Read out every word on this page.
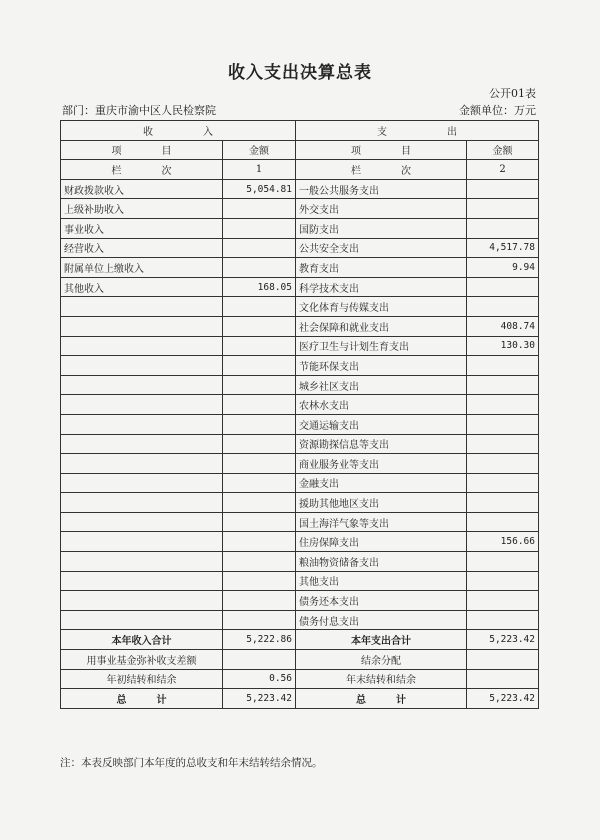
收入支出决算总表
公开01表
部门：重庆市渝中区人民检察院	金额单位：万元
收　　　　　入		支　　　　　　出	
项　　　　目	金额	项　　　　目	金额
栏　　　　次	1	栏　　　　次	2
财政拨款收入	5,054.81	一般公共服务支出	
上级补助收入		外交支出	
事业收入		国防支出	
经营收入		公共安全支出	4,517.78
附属单位上缴收入		教育支出	9.94
其他收入	168.05	科学技术支出	
		文化体育与传媒支出	
		社会保障和就业支出	408.74
		医疗卫生与计划生育支出	130.30
		节能环保支出	
		城乡社区支出	
		农林水支出	
		交通运输支出	
		资源勘探信息等支出	
		商业服务业等支出	
		金融支出	
		援助其他地区支出	
		国土海洋气象等支出	
		住房保障支出	156.66
		粮油物资储备支出	
		其他支出	
		债务还本支出	
		债务付息支出	
本年收入合计	5,222.86	本年支出合计	5,223.42
用事业基金弥补收支差额		结余分配	
年初结转和结余	0.56	年末结转和结余	
总　　　计	5,223.42	总　　　计	5,223.42
注：本表反映部门本年度的总收支和年末结转结余情况。
